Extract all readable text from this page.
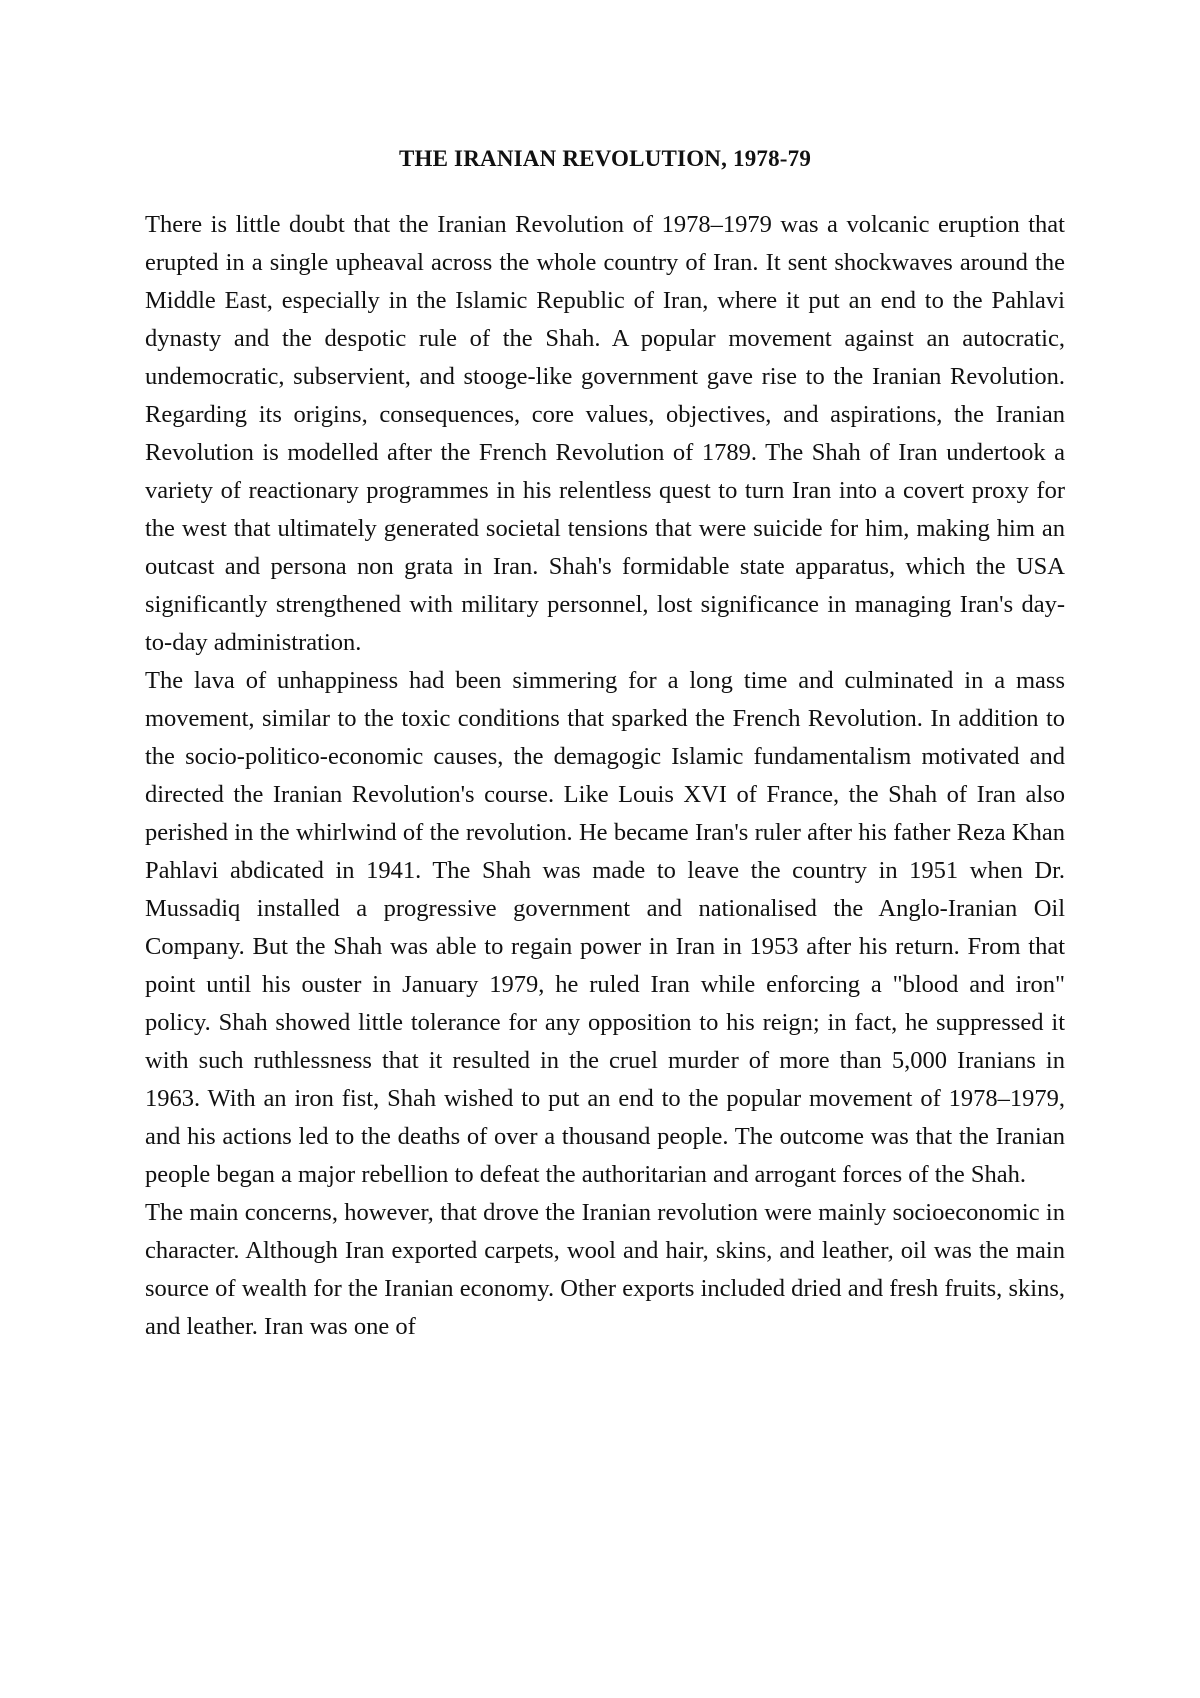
THE IRANIAN REVOLUTION, 1978-79

There is little doubt that the Iranian Revolution of 1978–1979 was a volcanic eruption that erupted in a single upheaval across the whole country of Iran. It sent shockwaves around the Middle East, especially in the Islamic Republic of Iran, where it put an end to the Pahlavi dynasty and the despotic rule of the Shah. A popular movement against an autocratic, undemocratic, subservient, and stooge-like government gave rise to the Iranian Revolution. Regarding its origins, consequences, core values, objectives, and aspirations, the Iranian Revolution is modelled after the French Revolution of 1789. The Shah of Iran undertook a variety of reactionary programmes in his relentless quest to turn Iran into a covert proxy for the west that ultimately generated societal tensions that were suicide for him, making him an outcast and persona non grata in Iran. Shah's formidable state apparatus, which the USA significantly strengthened with military personnel, lost significance in managing Iran's day-to-day administration.

The lava of unhappiness had been simmering for a long time and culminated in a mass movement, similar to the toxic conditions that sparked the French Revolution. In addition to the socio-politico-economic causes, the demagogic Islamic fundamentalism motivated and directed the Iranian Revolution's course. Like Louis XVI of France, the Shah of Iran also perished in the whirlwind of the revolution. He became Iran's ruler after his father Reza Khan Pahlavi abdicated in 1941. The Shah was made to leave the country in 1951 when Dr. Mussadiq installed a progressive government and nationalised the Anglo-Iranian Oil Company. But the Shah was able to regain power in Iran in 1953 after his return. From that point until his ouster in January 1979, he ruled Iran while enforcing a "blood and iron" policy. Shah showed little tolerance for any opposition to his reign; in fact, he suppressed it with such ruthlessness that it resulted in the cruel murder of more than 5,000 Iranians in 1963. With an iron fist, Shah wished to put an end to the popular movement of 1978–1979, and his actions led to the deaths of over a thousand people. The outcome was that the Iranian people began a major rebellion to defeat the authoritarian and arrogant forces of the Shah.

The main concerns, however, that drove the Iranian revolution were mainly socioeconomic in character. Although Iran exported carpets, wool and hair, skins, and leather, oil was the main source of wealth for the Iranian economy. Other exports included dried and fresh fruits, skins, and leather. Iran was one of
